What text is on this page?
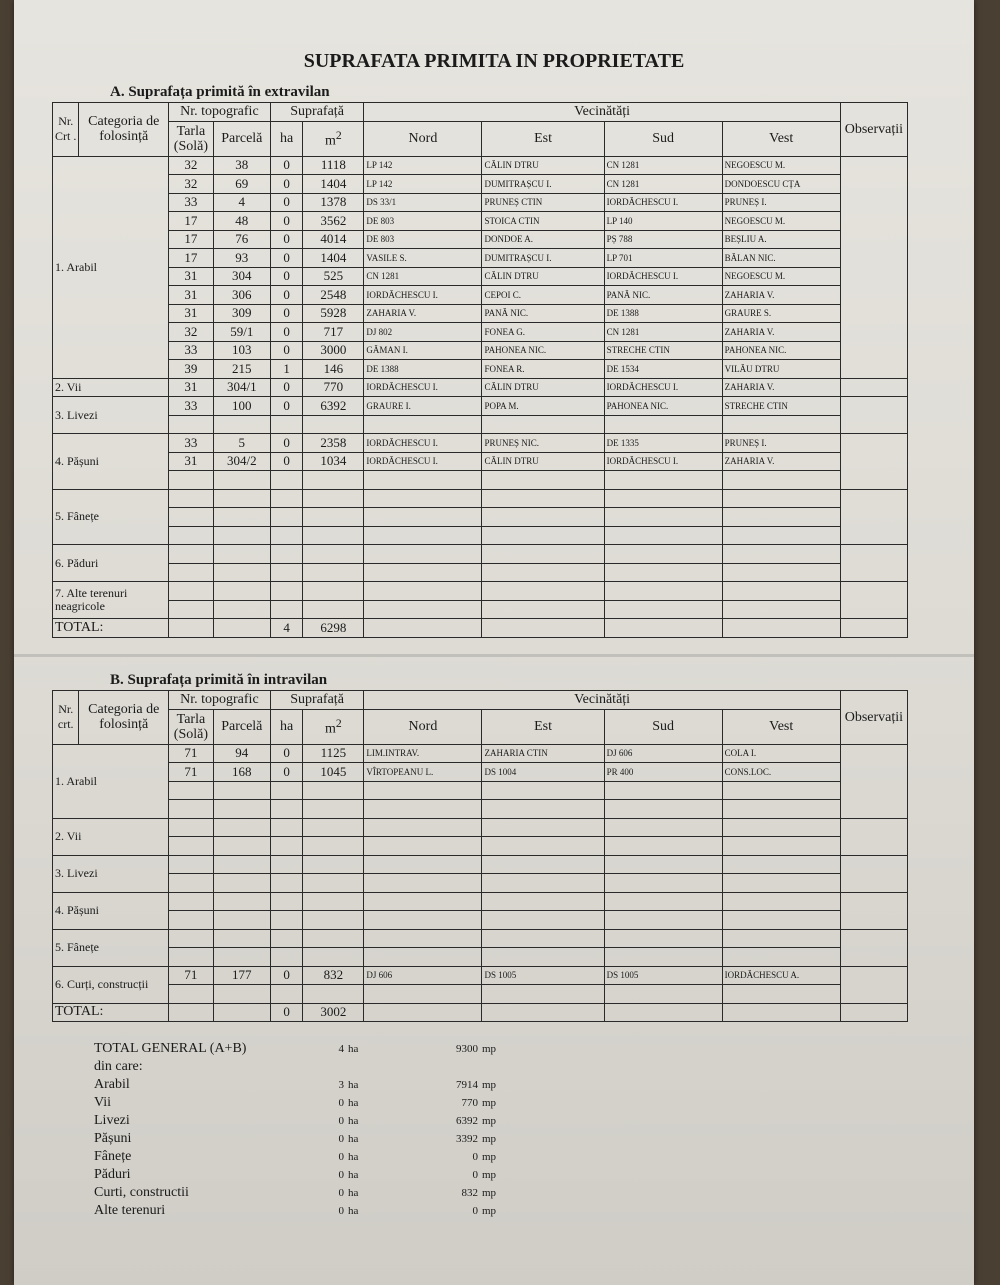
SUPRAFATA PRIMITA IN PROPRIETATE
A. Suprafața primită în extravilan
Nr. Crt .	Categoria de folosință	Nr. topografic		Suprafață		Vecinătăți				Observații
		Tarla (Solă)	Parcelă	ha	$m^2$	Nord	Est	Sud	Vest	
1. Arabil		32	38	0	1118	LP 142	CĂLIN DTRU	CN 1281	NEGOESCU M.	
		32	69	0	1404	LP 142	DUMITRAȘCU I.	CN 1281	DONDOESCU CȚA	
		33	4	0	1378	DS 33/1	PRUNEȘ CTIN	IORDĂCHESCU I.	PRUNEȘ I.	
		17	48	0	3562	DE 803	STOICA CTIN	LP 140	NEGOESCU M.	
		17	76	0	4014	DE 803	DONDOE A.	PȘ 788	BEȘLIU A.	
		17	93	0	1404	VASILE S.	DUMITRAȘCU I.	LP 701	BĂLAN NIC.	
		31	304	0	525	CN 1281	CĂLIN DTRU	IORDĂCHESCU I.	NEGOESCU M.	
		31	306	0	2548	IORDĂCHESCU I.	CEPOI C.	PANĂ NIC.	ZAHARIA V.	
		31	309	0	5928	ZAHARIA V.	PANĂ NIC.	DE 1388	GRAURE S.	
		32	59/1	0	717	DJ 802	FONEA G.	CN 1281	ZAHARIA V.	
		33	103	0	3000	GĂMAN I.	PAHONEA NIC.	STRECHE CTIN	PAHONEA NIC.	
		39	215	1	146	DE 1388	FONEA R.	DE 1534	VILĂU DTRU	
2. Vii		31	304/1	0	770	IORDĂCHESCU I.	CĂLIN DTRU	IORDĂCHESCU I.	ZAHARIA V.	
3. Livezi		33	100	0	6392	GRAURE I.	POPA M.	PAHONEA NIC.	STRECHE CTIN	

4. Pășuni		33	5	0	2358	IORDĂCHESCU I.	PRUNEȘ NIC.	DE 1335	PRUNEȘ I.	
		31	304/2	0	1034	IORDĂCHESCU I.	CĂLIN DTRU	IORDĂCHESCU I.	ZAHARIA V.	

5. Fânețe										

6. Păduri										

7. Alte terenuri neagricole										

TOTAL:				4	6298					
B. Suprafața primită în intravilan
Nr. crt.	Categoria de folosință	Nr. topografic		Suprafață		Vecinătăți				Observații
		Tarla (Solă)	Parcelă	ha	$m^2$	Nord	Est	Sud	Vest	
1. Arabil		71	94	0	1125	LIM.INTRAV.	ZAHARIA CTIN	DJ 606	COLA I.	
		71	168	0	1045	VÎRTOPEANU L.	DS 1004	PR 400	CONS.LOC.	

2. Vii										

3. Livezi										

4. Pășuni										

5. Fânețe										

6. Curți, construcții		71	177	0	832	DJ 606	DS 1005	DS 1005	IORDĂCHESCU A.	

TOTAL:				0	3002					
TOTAL GENERAL (A+B)	4 ha	9300 mp
din care:
Arabil	3 ha	7914 mp
Vii	0 ha	770 mp
Livezi	0 ha	6392 mp
Pășuni	0 ha	3392 mp
Fânețe	0 ha	0 mp
Păduri	0 ha	0 mp
Curti, constructii	0 ha	832 mp
Alte terenuri	0 ha	0 mp
